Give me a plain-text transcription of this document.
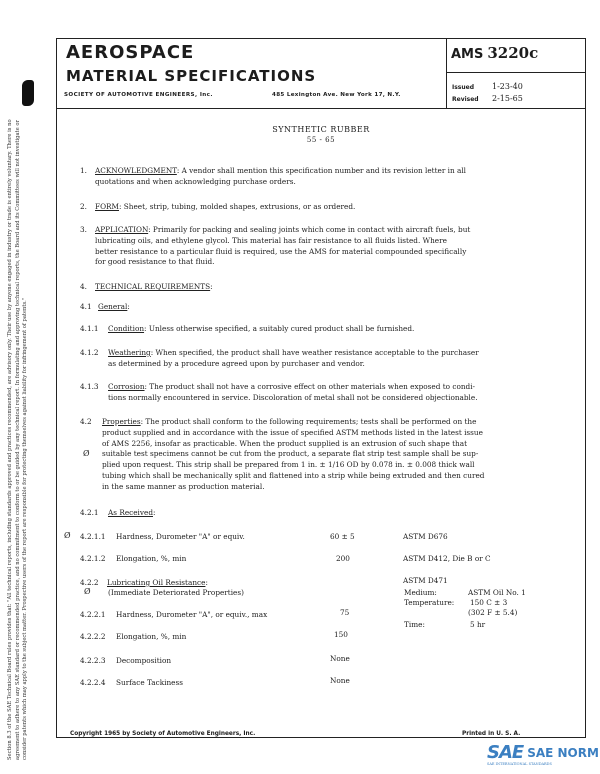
Section 8.3 of the SAE Technical Board rules provides that: "All technical reports, including standards approved and practices recommended, are advisory only. Their use by anyone engaged in industry or trade is entirely voluntary. There is no agreement to adhere to any SAE standard or recommended practice, and no commitment to conform to or be guided by any technical report. In formulating and approving technical reports, the Board and its Committees will not investigate or consider patents which may apply to the subject matter. Prospective users of the report are responsible for protecting themselves against liability for infringement of patents."
AEROSPACE
MATERIAL SPECIFICATIONS
SOCIETY OF AUTOMOTIVE ENGINEERS, Inc.	485 Lexington Ave. New York 17, N.Y.
AMS 3220c
Issued 1-23-40
Revised 2-15-65
SYNTHETIC RUBBER
55 - 65
1. ACKNOWLEDGMENT: A vendor shall mention this specification number and its revision letter in all
quotations and when acknowledging purchase orders.
2. FORM: Sheet, strip, tubing, molded shapes, extrusions, or as ordered.
3. APPLICATION: Primarily for packing and sealing joints which come in contact with aircraft fuels, but
lubricating oils, and ethylene glycol. This material has fair resistance to all fluids listed. Where
better resistance to a particular fluid is required, use the AMS for material compounded specifically
for good resistance to that fluid.
4. TECHNICAL REQUIREMENTS:
4.1 General:
4.1.1 Condition: Unless otherwise specified, a suitably cured product shall be furnished.
4.1.2 Weathering: When specified, the product shall have weather resistance acceptable to the purchaser
as determined by a procedure agreed upon by purchaser and vendor.
4.1.3 Corrosion: The product shall not have a corrosive effect on other materials when exposed to condi-
tions normally encountered in service. Discoloration of metal shall not be considered objectionable.
4.2
Ø
Properties: The product shall conform to the following requirements; tests shall be performed on the
product supplied and in accordance with the issue of specified ASTM methods listed in the latest issue
of AMS 2256, insofar as practicable. When the product supplied is an extrusion of such shape that
suitable test specimens cannot be cut from the product, a separate flat strip test sample shall be sup-
plied upon request. This strip shall be prepared from 1 in. ± 1/16 OD by 0.078 in. ± 0.008 thick wall
tubing which shall be mechanically split and flattened into a strip while being extruded and then cured
in the same manner as production material.
4.2.1 As Received:
Ø 4.2.1.1 Hardness, Durometer "A" or equiv.	60 ± 5	ASTM D676
4.2.1.2 Elongation, %, min	200	ASTM D412, Die B or C
4.2.2 Lubricating Oil Resistance:
Ø (Immediate Deteriorated Properties)
ASTM D471
Medium:	ASTM Oil No. 1
Temperature: 150 C ± 3
(302 F ± 5.4)
Time:	5 hr
4.2.2.1 Hardness, Durometer "A", or equiv., max	75
4.2.2.2 Elongation, %, min	150
4.2.2.3 Decomposition	None
4.2.2.4 Surface Tackiness	None
Copyright 1965 by Society of Automotive Engineers, Inc.	Printed in U. S. A.
SAE SAE NORM
SAE INTERNATIONAL STANDARDS
